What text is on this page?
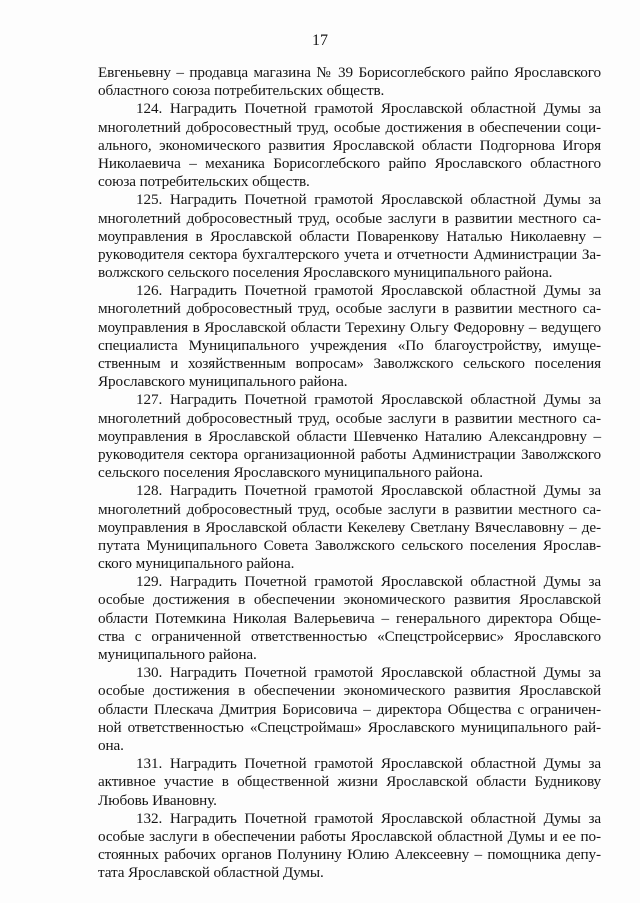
17
Евгеньевну – продавца магазина № 39 Борисоглебского райпо Ярославского
областного союза потребительских обществ.
124. Наградить Почетной грамотой Ярославской областной Думы за
многолетний добросовестный труд, особые достижения в обеспечении соци-
ального, экономического развития Ярославской области Подгорнова Игоря
Николаевича – механика Борисоглебского райпо Ярославского областного
союза потребительских обществ.
125. Наградить Почетной грамотой Ярославской областной Думы за
многолетний добросовестный труд, особые заслуги в развитии местного са-
моуправления в Ярославской области Поваренкову Наталью Николаевну –
руководителя сектора бухгалтерского учета и отчетности Администрации За-
волжского сельского поселения Ярославского муниципального района.
126. Наградить Почетной грамотой Ярославской областной Думы за
многолетний добросовестный труд, особые заслуги в развитии местного са-
моуправления в Ярославской области Терехину Ольгу Федоровну – ведущего
специалиста Муниципального учреждения «По благоустройству, имуще-
ственным и хозяйственным вопросам» Заволжского сельского поселения
Ярославского муниципального района.
127. Наградить Почетной грамотой Ярославской областной Думы за
многолетний добросовестный труд, особые заслуги в развитии местного са-
моуправления в Ярославской области Шевченко Наталию Александровну –
руководителя сектора организационной работы Администрации Заволжского
сельского поселения Ярославского муниципального района.
128. Наградить Почетной грамотой Ярославской областной Думы за
многолетний добросовестный труд, особые заслуги в развитии местного са-
моуправления в Ярославской области Кекелеву Светлану Вячеславовну – де-
путата Муниципального Совета Заволжского сельского поселения Ярослав-
ского муниципального района.
129. Наградить Почетной грамотой Ярославской областной Думы за
особые достижения в обеспечении экономического развития Ярославской
области Потемкина Николая Валерьевича – генерального директора Обще-
ства с ограниченной ответственностью «Спецстройсервис» Ярославского
муниципального района.
130. Наградить Почетной грамотой Ярославской областной Думы за
особые достижения в обеспечении экономического развития Ярославской
области Плескача Дмитрия Борисовича – директора Общества с ограничен-
ной ответственностью «Спецстроймаш» Ярославского муниципального рай-
она.
131. Наградить Почетной грамотой Ярославской областной Думы за
активное участие в общественной жизни Ярославской области Будникову
Любовь Ивановну.
132. Наградить Почетной грамотой Ярославской областной Думы за
особые заслуги в обеспечении работы Ярославской областной Думы и ее по-
стоянных рабочих органов Полунину Юлию Алексеевну – помощника депу-
тата Ярославской областной Думы.
